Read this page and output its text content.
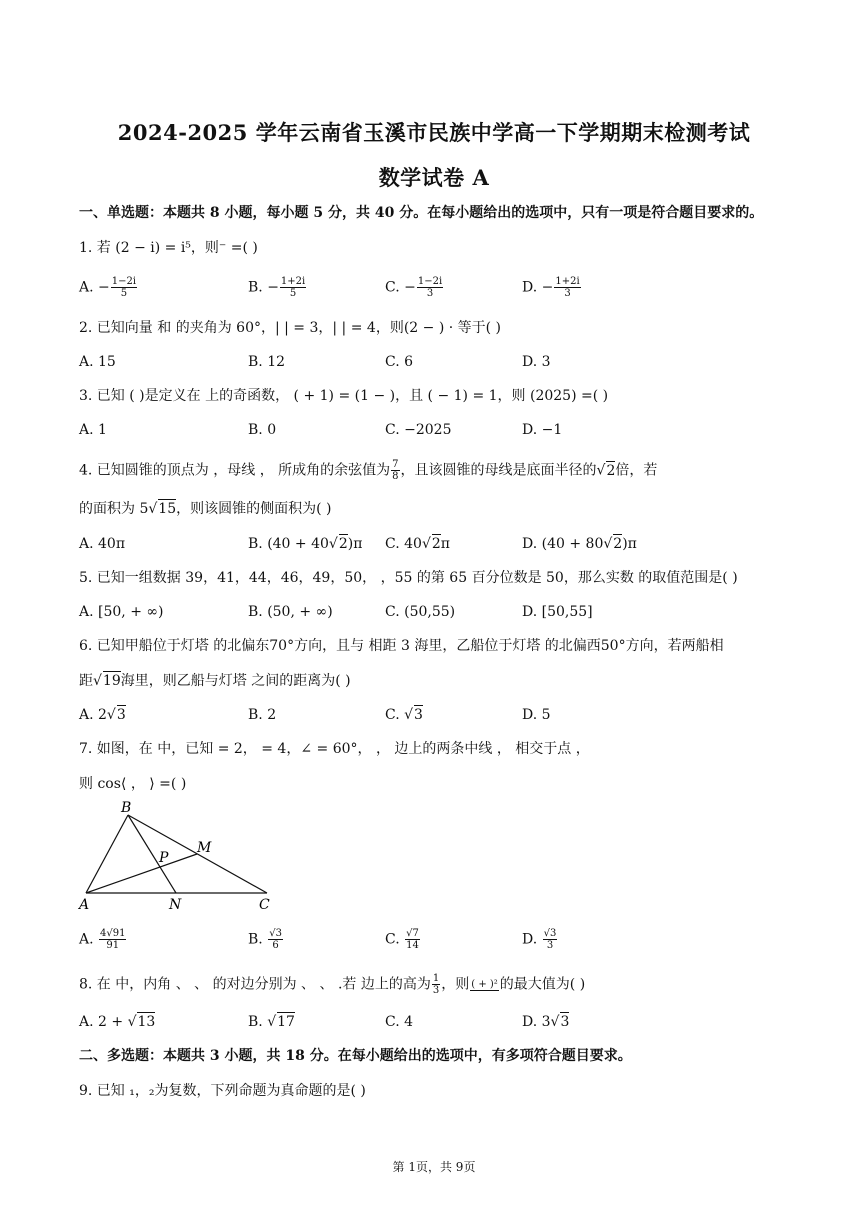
2024-2025 学年云南省玉溪市民族中学高一下学期期末检测考试
数学试卷 A
一、单选题：本题共 8 小题，每小题 5 分，共 40 分。在每小题给出的选项中，只有一项是符合题目要求的。
1. 若 (2 − i) = i⁵，则⁻ =( )
A. − $\frac{1-2i}{5}$	B. − $\frac{1+2i}{5}$	C. − $\frac{1-2i}{3}$	D. − $\frac{1+2i}{3}$
2. 已知向量 和 的夹角为 60°，| | = 3，| | = 4，则(2 − ) · 等于( )
A. 15	B. 12	C. 6	D. 3
3. 已知 ( )是定义在 上的奇函数， ( + 1) = (1 − )，且 ( − 1) = 1，则 (2025) =( )
A. 1	B. 0	C. −2025	D. −1
4. 已知圆锥的顶点为 ，母线 ， 所成角的余弦值为 $\frac{7}{8}$ ，且该圆锥的母线是底面半径的√2倍，若
的面积为 5√15，则该圆锥的侧面积为( )
A. 40π	B. (40 + 40√2)π C. 40√2π	D. (40 + 80√2)π
5. 已知一组数据 39，41，44，46，49，50， ，55 的第 65 百分位数是 50，那么实数 的取值范围是( )
A. [50, + ∞)	B. (50, + ∞)	C. (50,55)	D. [50,55]
6. 已知甲船位于灯塔 的北偏东70°方向，且与 相距 3 海里，乙船位于灯塔 的北偏西50°方向，若两船相
距√19海里，则乙船与灯塔 之间的距离为( )
A. 2√3	B. 2	C. √3	D. 5
7. 如图，在 中，已知 = 2， = 4，∠ = 60°， ， 边上的两条中线 ， 相交于点 ，
则 cos⟨ ， ⟩ =( )
B
M
P
A	N	C
A. $\frac{4√91}{91}$	B. $\frac{√3}{6}$	C. $\frac{√7}{14}$	D. $\frac{√3}{3}$
8. 在 中，内角 、 、 的对边分别为 、 、 .若 边上的高为 $\frac{1}{3}$ ，则 ( + )² 的最大值为( )
A. 2 + √13	B. √17	C. 4	D. 3√3
二、多选题：本题共 3 小题，共 18 分。在每小题给出的选项中，有多项符合题目要求。
9. 已知 ₁，₂为复数，下列命题为真命题的是( )
第 1页，共 9页
